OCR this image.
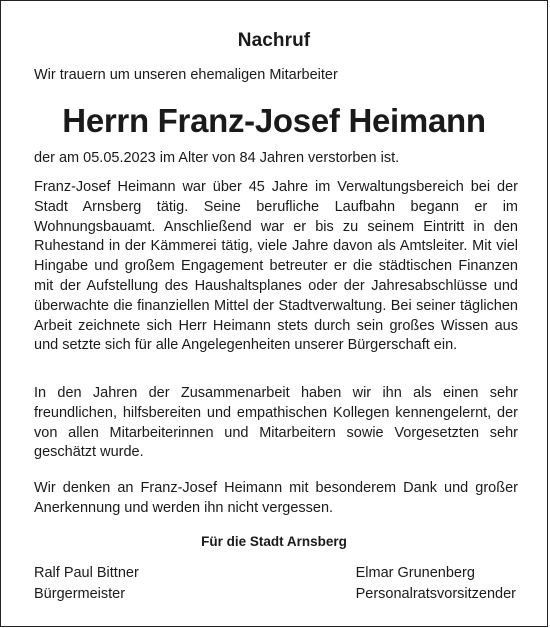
Nachruf
Wir trauern um unseren ehemaligen Mitarbeiter
Herrn Franz-Josef Heimann
der am 05.05.2023 im Alter von 84 Jahren verstorben ist.

Franz-Josef Heimann war über 45 Jahre im Verwaltungsbereich bei der Stadt Arnsberg tätig. Seine berufliche Laufbahn begann er im Wohnungsbauamt. Anschließend war er bis zu seinem Eintritt in den Ruhestand in der Kämmerei tätig, viele Jahre davon als Amtsleiter. Mit viel Hingabe und großem Engagement betreuter er die städtischen Finanzen mit der Aufstellung des Haushaltsplanes oder der Jahresabschlüsse und überwachte die finanziellen Mittel der Stadtverwaltung. Bei seiner täglichen Arbeit zeichnete sich Herr Heimann stets durch sein großes Wissen aus und setzte sich für alle Angelegenheiten unserer Bürgerschaft ein.

In den Jahren der Zusammenarbeit haben wir ihn als einen sehr freundlichen, hilfsbereiten und empathischen Kollegen kennengelernt, der von allen Mitarbeiterinnen und Mitarbeitern sowie Vorgesetzten sehr geschätzt wurde.

Wir denken an Franz-Josef Heimann mit besonderem Dank und großer Anerkennung und werden ihn nicht vergessen.

Für die Stadt Arnsberg
Ralf Paul Bittner
Bürgermeister
Elmar Grunenberg
Personalratsvorsitzender
